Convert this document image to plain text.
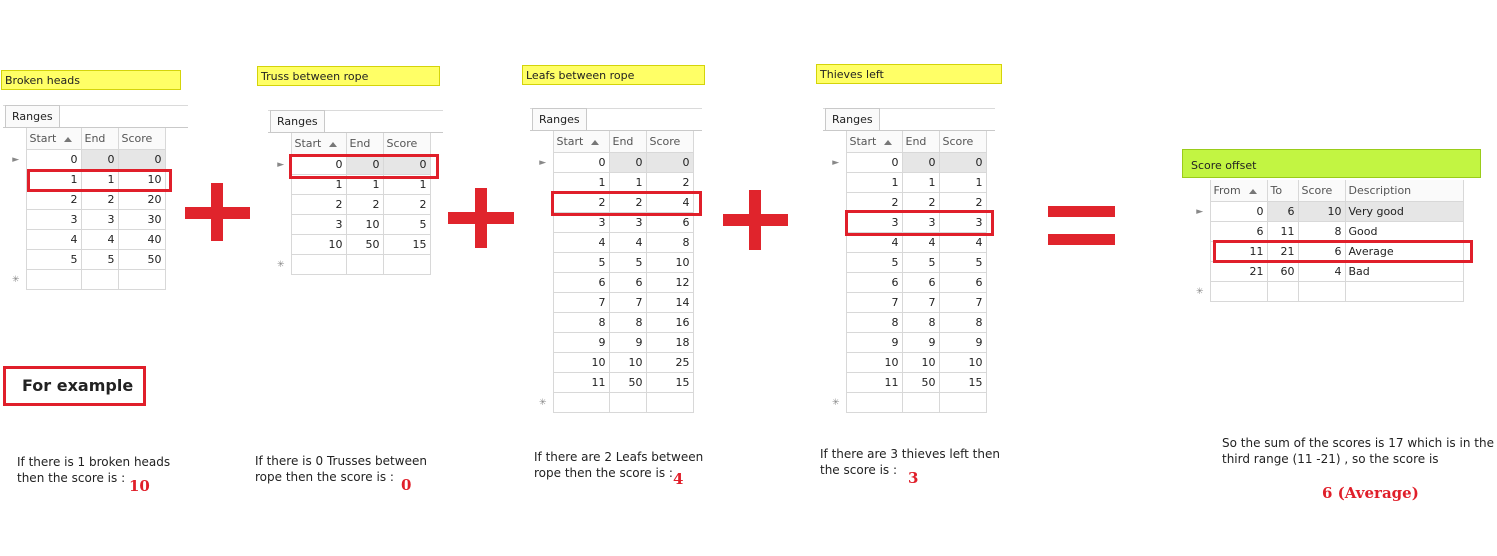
Broken heads
Ranges
	Start	End	Score
►	0	0	0
	1	1	10
	2	2	20
	3	3	30
	4	4	40
	5	5	50
✳			
Truss between rope
Ranges
	Start	End	Score
►	0	0	0
	1	1	1
	2	2	2
	3	10	5
	10	50	15
✳			
Leafs between rope
Ranges
	Start	End	Score
►	0	0	0
	1	1	2
	2	2	4
	3	3	6
	4	4	8
	5	5	10
	6	6	12
	7	7	14
	8	8	16
	9	9	18
	10	10	25
	11	50	15
✳			
Thieves left
Ranges
	Start	End	Score
►	0	0	0
	1	1	1
	2	2	2
	3	3	3
	4	4	4
	5	5	5
	6	6	6
	7	7	7
	8	8	8
	9	9	9
	10	10	10
	11	50	15
✳			
Score offset
	From	To	Score	Description
►	0	6	10	Very good
	6	11	8	Good
	11	21	6	Average
	21	60	4	Bad
✳				
For example
If there is 1 broken heads
then the score is : 10
If there is 0 Trusses between
rope then the score is : 0
If there are 2 Leafs between
rope then the score is : 4
If there are 3 thieves left then
the score is : 3
So the sum of the scores is 17 which is in the
third range (11 -21) , so the score is
6 (Average)
